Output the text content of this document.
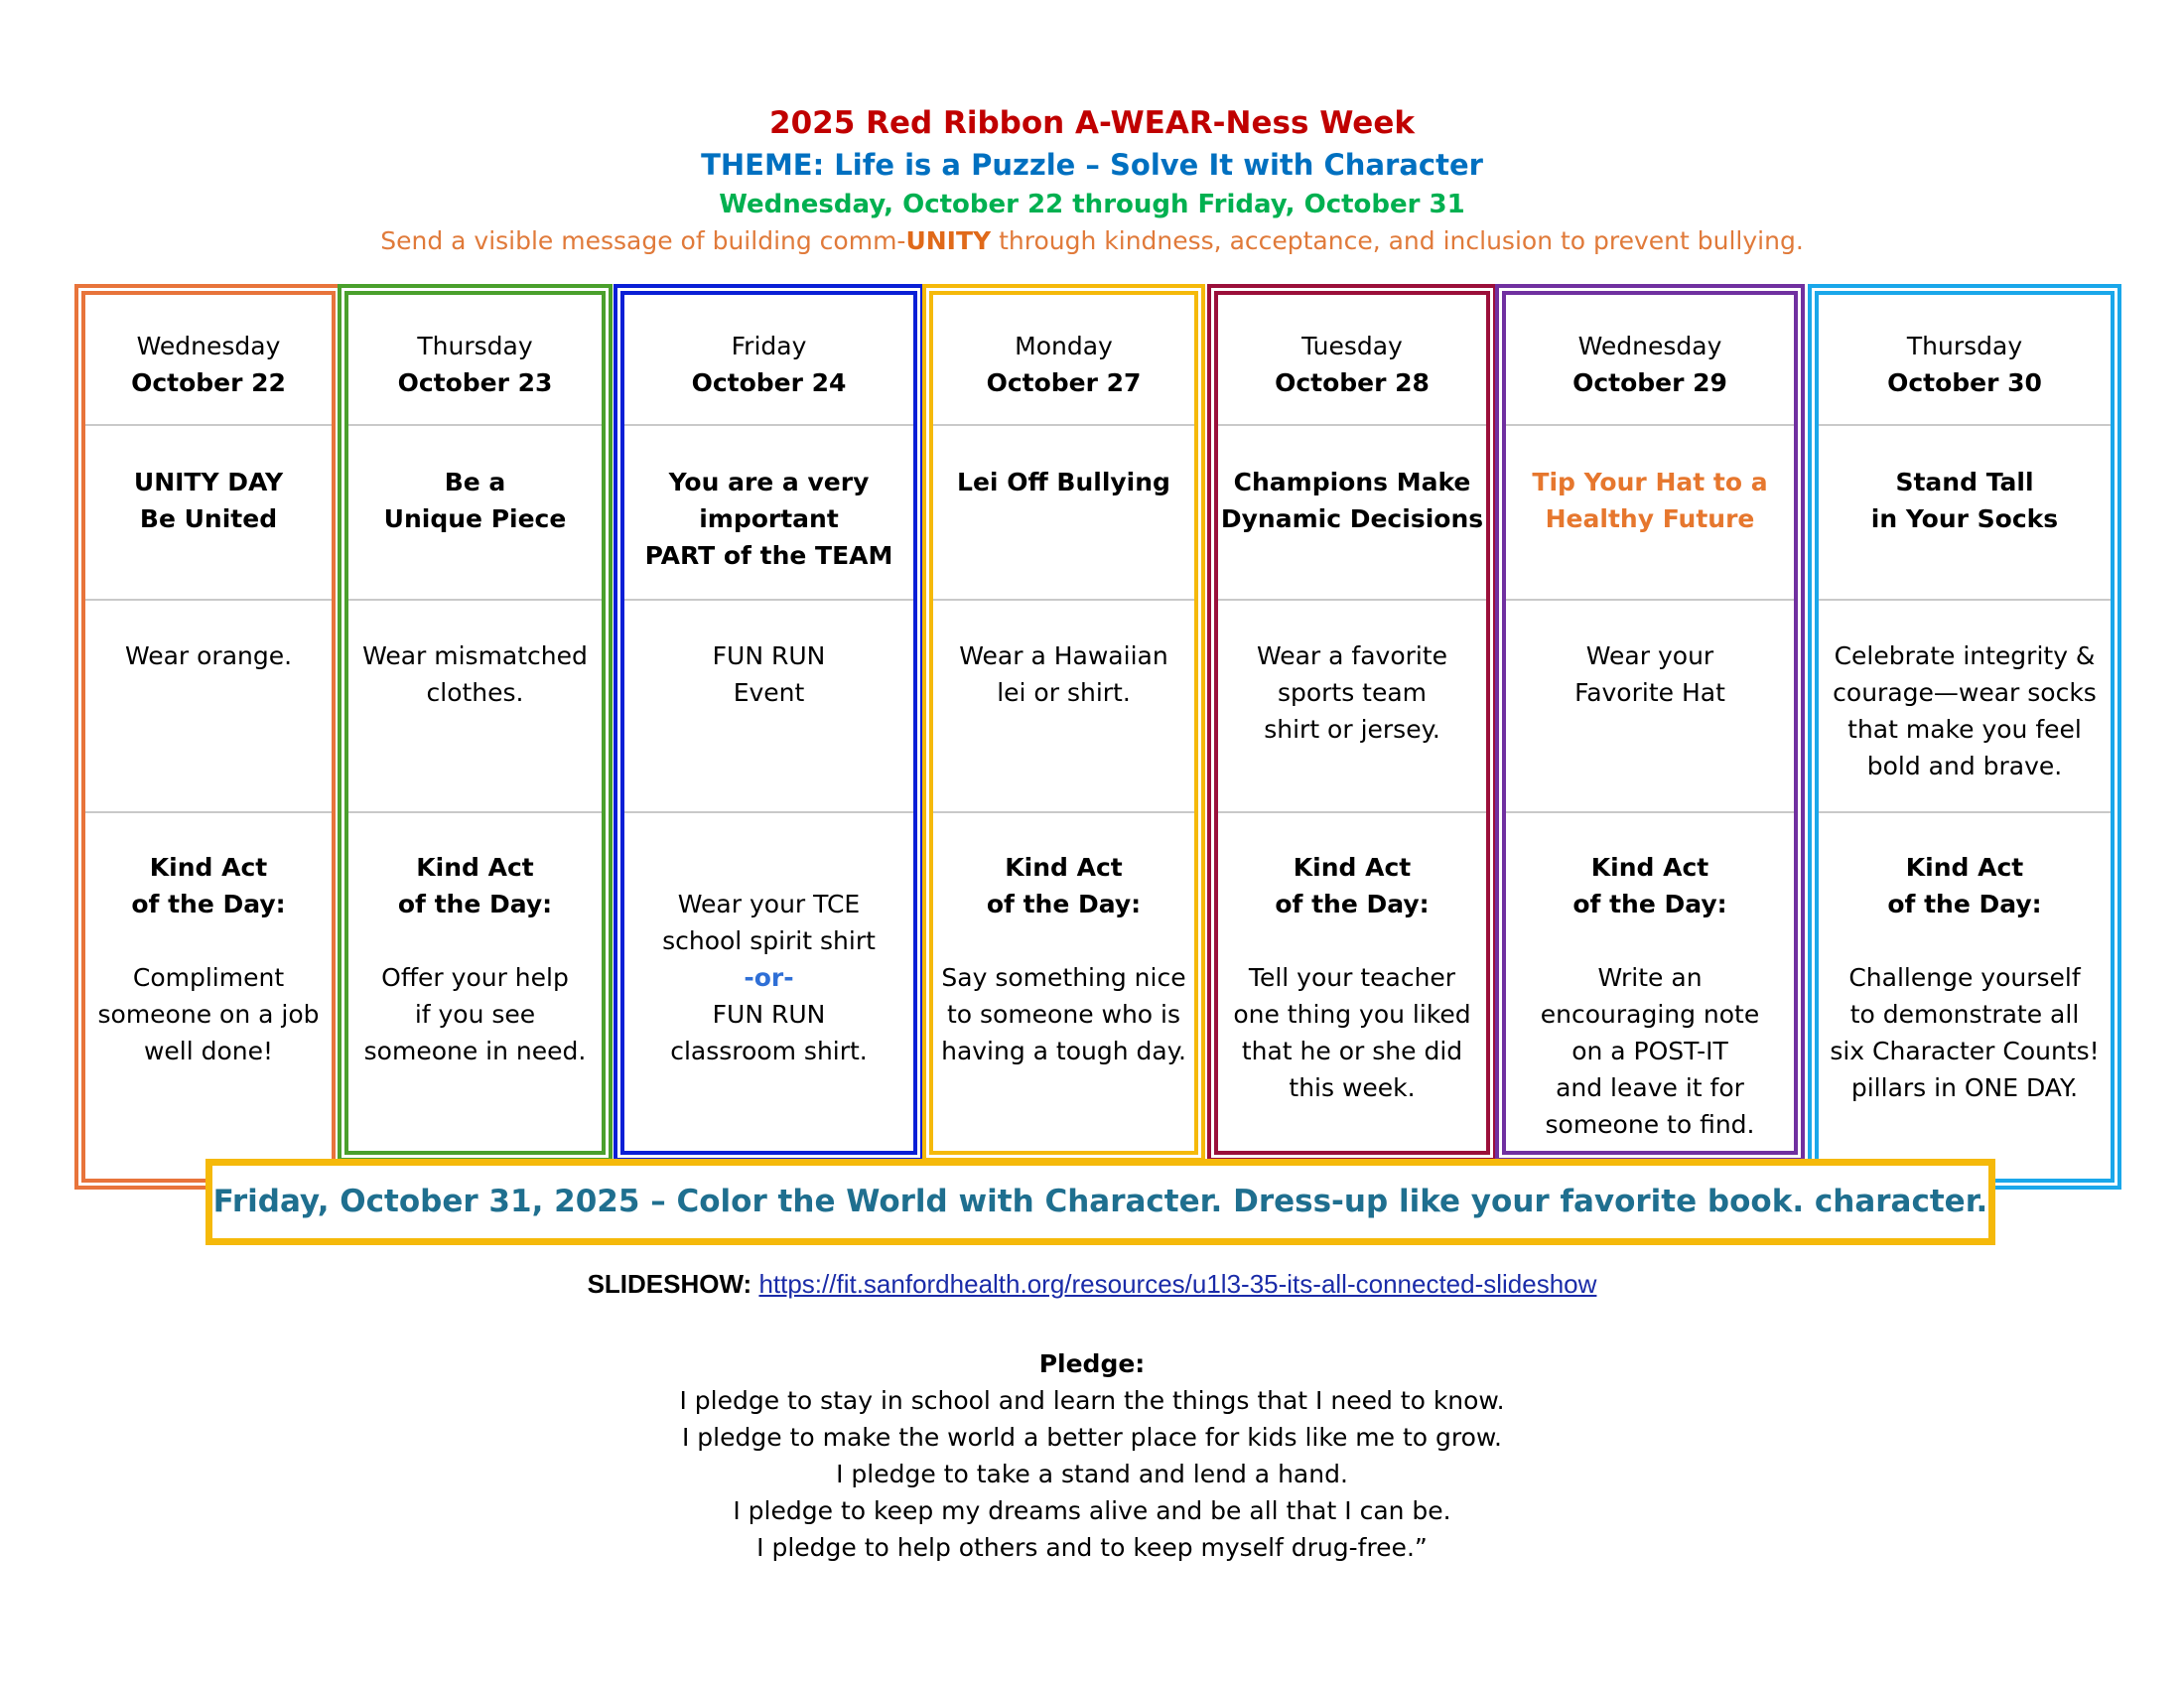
2025 Red Ribbon A-WEAR-Ness Week
THEME: Life is a Puzzle – Solve It with Character
Wednesday, October 22 through Friday, October 31
Send a visible message of building comm-UNITY through kindness, acceptance, and inclusion to prevent bullying.
Wednesday
October 22
UNITY DAY
Be United
Wear orange.
Kind Act
of the Day:
Compliment
someone on a job
well done!
Thursday
October 23
Be a
Unique Piece
Wear mismatched
clothes.
Kind Act
of the Day:
Offer your help
if you see
someone in need.
Friday
October 24
You are a very
important
PART of the TEAM
FUN RUN
Event
Wear your TCE
school spirit shirt
-or-
FUN RUN
classroom shirt.
Monday
October 27
Lei Off Bullying
Wear a Hawaiian
lei or shirt.
Kind Act
of the Day:
Say something nice
to someone who is
having a tough day.
Tuesday
October 28
Champions Make
Dynamic Decisions
Wear a favorite
sports team
shirt or jersey.
Kind Act
of the Day:
Tell your teacher
one thing you liked
that he or she did
this week.
Wednesday
October 29
Tip Your Hat to a
Healthy Future
Wear your
Favorite Hat
Kind Act
of the Day:
Write an
encouraging note
on a POST-IT
and leave it for
someone to find.
Thursday
October 30
Stand Tall
in Your Socks
Celebrate integrity &
courage—wear socks
that make you feel
bold and brave.
Kind Act
of the Day:
Challenge yourself
to demonstrate all
six Character Counts!
pillars in ONE DAY.
Friday, October 31, 2025 – Color the World with Character. Dress-up like your favorite book. character.
SLIDESHOW: https://fit.sanfordhealth.org/resources/u1l3-35-its-all-connected-slideshow
Pledge:
I pledge to stay in school and learn the things that I need to know.
I pledge to make the world a better place for kids like me to grow.
I pledge to take a stand and lend a hand.
I pledge to keep my dreams alive and be all that I can be.
I pledge to help others and to keep myself drug-free.”
